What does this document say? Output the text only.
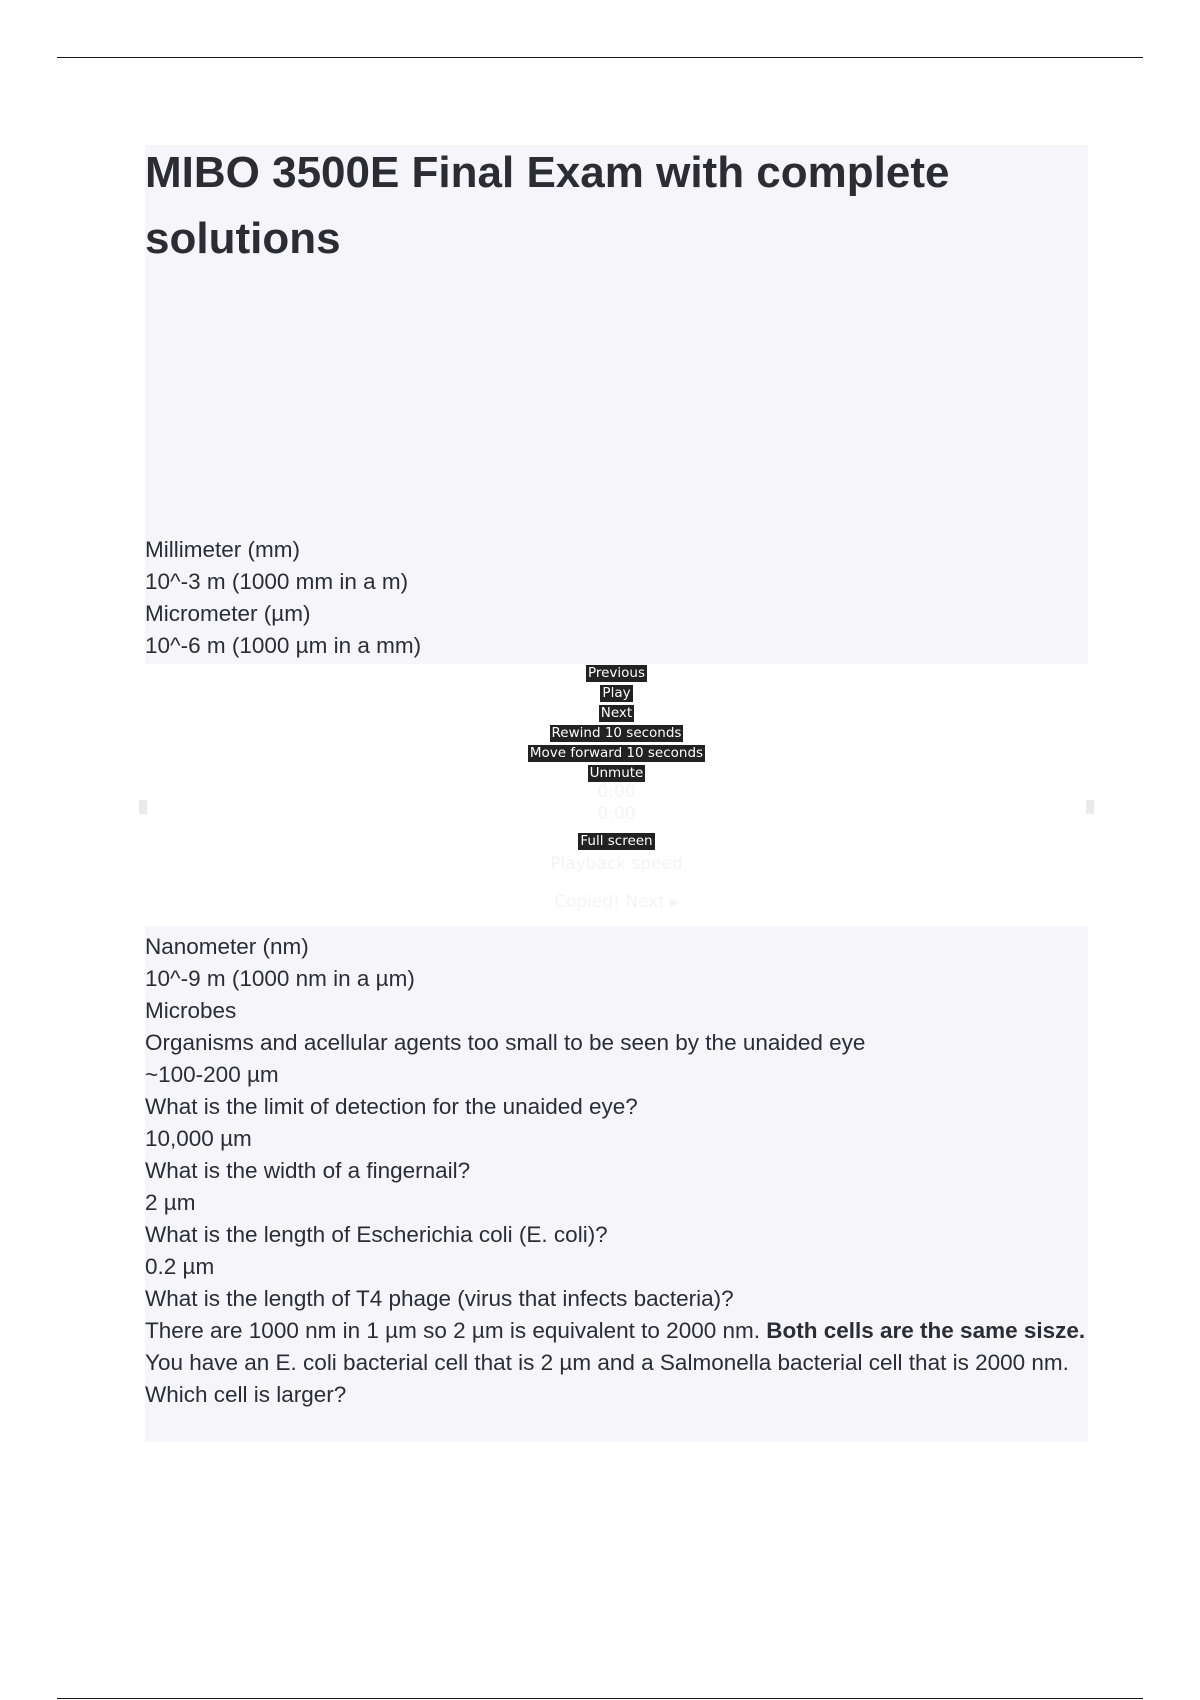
MIBO 3500E Final Exam with complete solutions
Millimeter (mm)
10^-3 m (1000 mm in a m)
Micrometer (µm)
10^-6 m (1000 µm in a mm)
Previous
Play
Next
Rewind 10 seconds
Move forward 10 seconds
Unmute
0:00
0:00
Full screen
Playback speed
Copied! Next ▸
Nanometer (nm)
10^-9 m (1000 nm in a µm)
Microbes
Organisms and acellular agents too small to be seen by the unaided eye
~100-200 µm
What is the limit of detection for the unaided eye?
10,000 µm
What is the width of a fingernail?
2 µm
What is the length of Escherichia coli (E. coli)?
0.2 µm
What is the length of T4 phage (virus that infects bacteria)?
There are 1000 nm in 1 µm so 2 µm is equivalent to 2000 nm. Both cells are the same sisze.
You have an E. coli bacterial cell that is 2 µm and a Salmonella bacterial cell that is 2000 nm. Which cell is larger?
